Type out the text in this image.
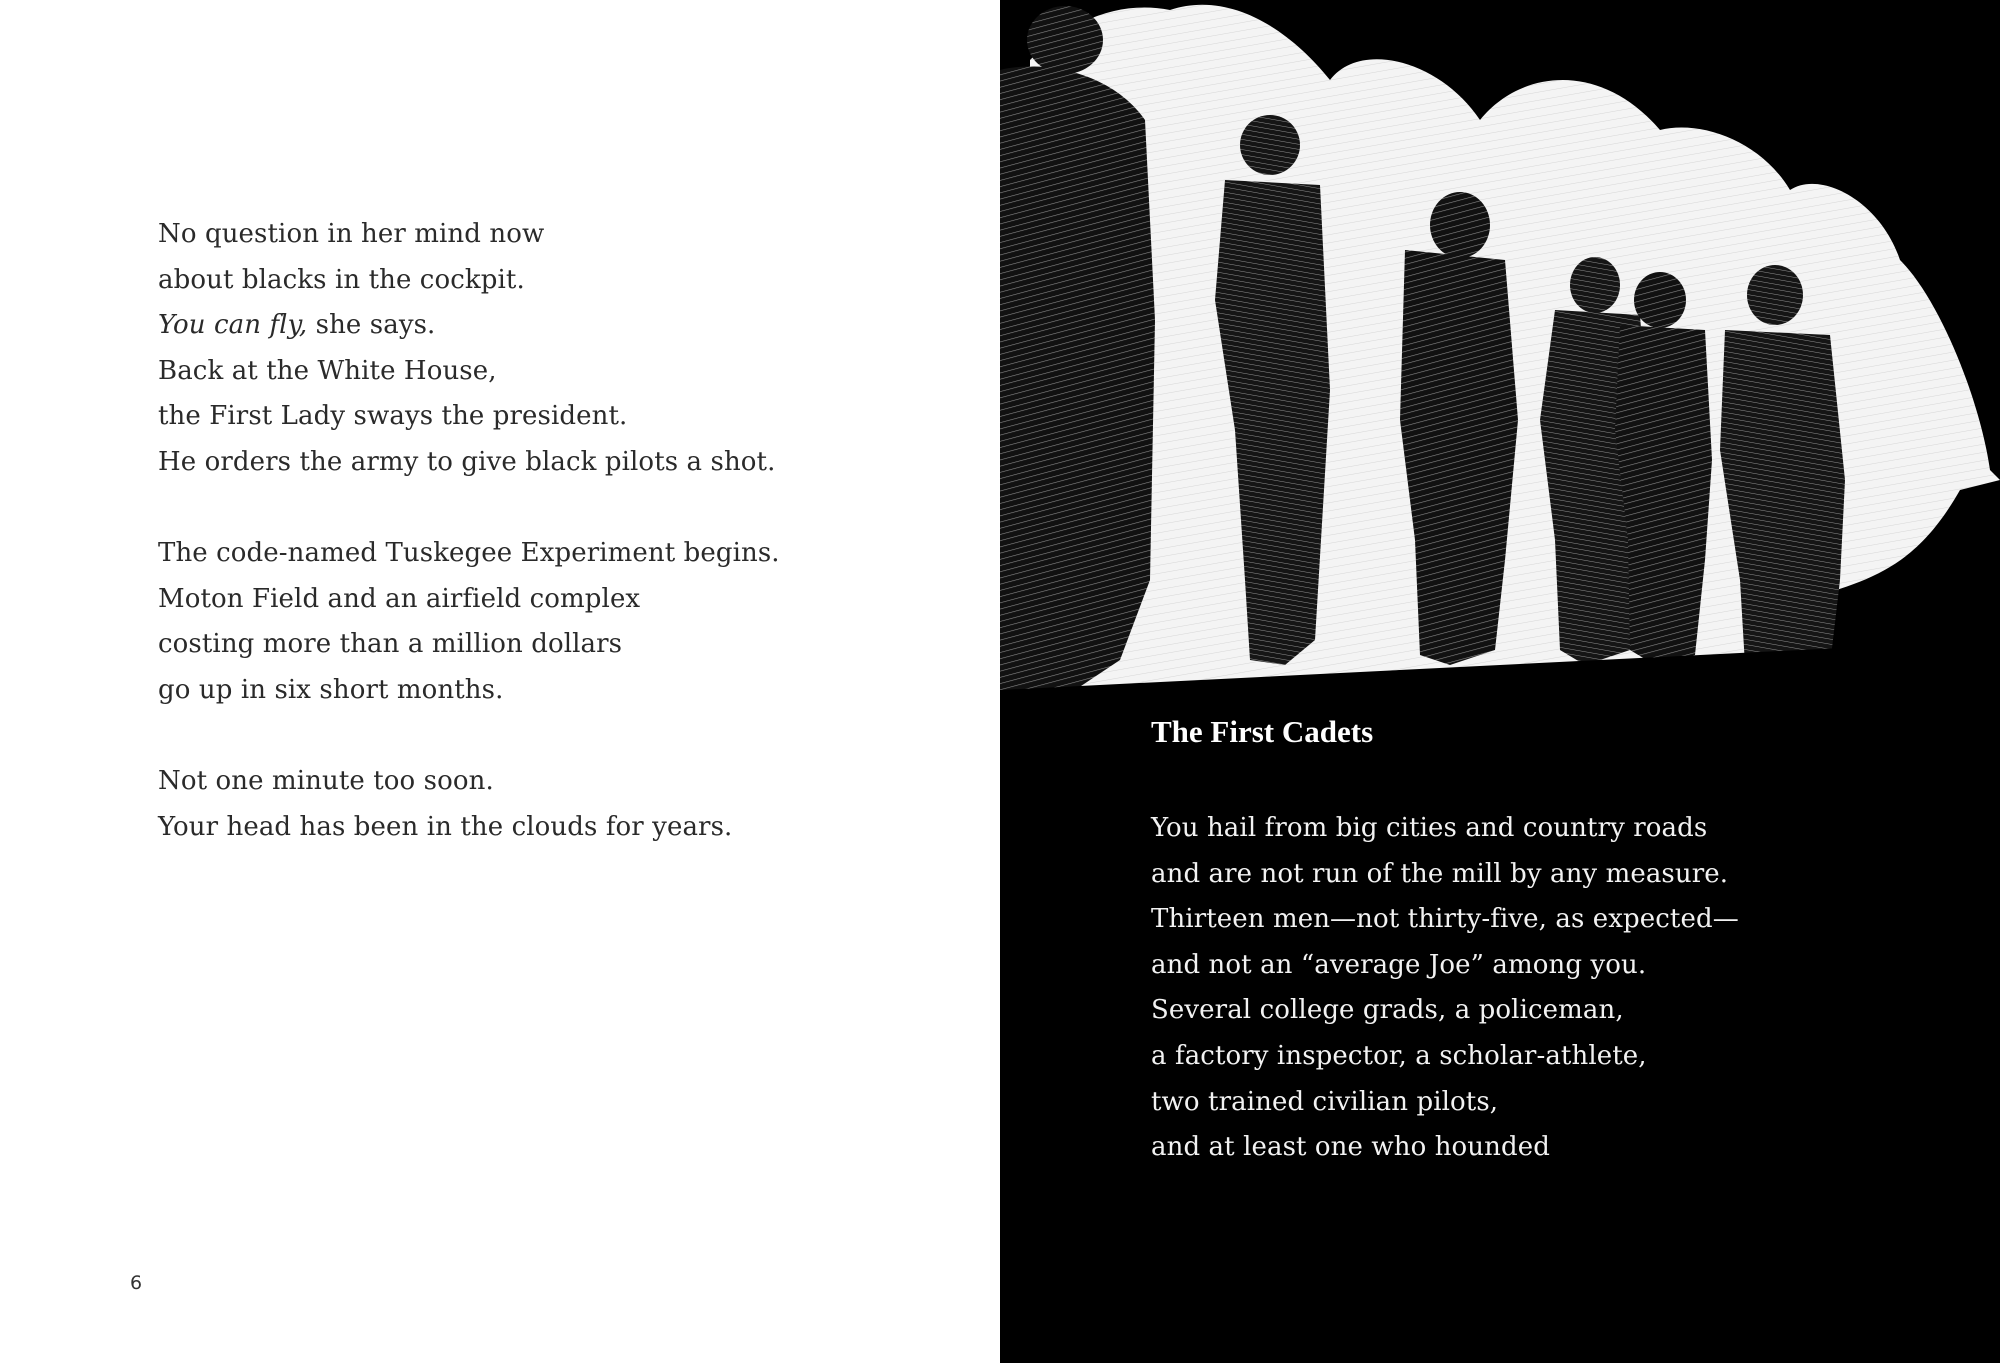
No question in her mind now
about blacks in the cockpit.
You can fly, she says.
Back at the White House,
the First Lady sways the president.
He orders the army to give black pilots a shot.
The code-named Tuskegee Experiment begins.
Moton Field and an airfield complex
costing more than a million dollars
go up in six short months.
Not one minute too soon.
Your head has been in the clouds for years.
6
The First Cadets
You hail from big cities and country roads
and are not run of the mill by any measure.
Thirteen men—not thirty-five, as expected—
and not an “average Joe” among you.
Several college grads, a policeman,
a factory inspector, a scholar-athlete,
two trained civilian pilots,
and at least one who hounded
